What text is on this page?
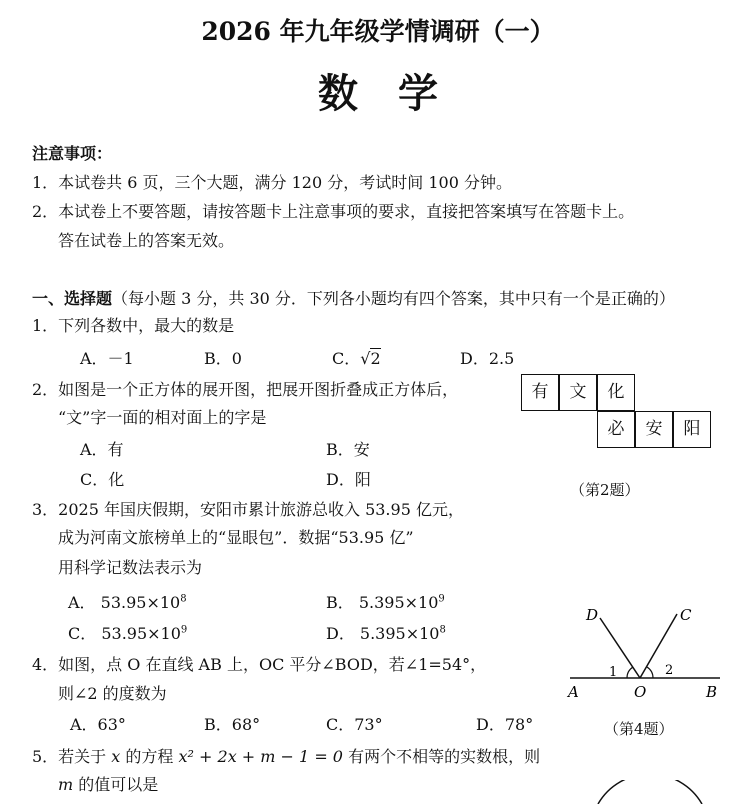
2026 年九年级学情调研（一）
数学
注意事项：
1．本试卷共 6 页，三个大题，满分 120 分，考试时间 100 分钟。
2．本试卷上不要答题，请按答题卡上注意事项的要求，直接把答案填写在答题卡上。
答在试卷上的答案无效。
一、选择题（每小题 3 分，共 30 分．下列各小题均有四个答案，其中只有一个是正确的）
1．下列各数中，最大的数是
A．－1	B．0	C．√2	D．2.5
2．如图是一个正方体的展开图，把展开图折叠成正方体后，
“文”字一面的相对面上的字是
A．有	B．安
C．化	D．阳
有	文	化
必	安	阳
（第2题）
3．2025 年国庆假期，安阳市累计旅游总收入 53.95 亿元，
成为河南文旅榜单上的“显眼包”．数据“53.95 亿”
用科学记数法表示为
A． $53.95\times 10^8$	B． $5.395\times 10^9$
C． $53.95\times 10^9$	D． $5.395\times 10^8$
4．如图，点 O 在直线 AB 上，OC 平分∠BOD，若∠1=54°，
则∠2 的度数为
A．63°	B．68°	C．73°	D．78°
D	C
A	O	B
1	2
（第4题）
5．若关于 x 的方程 x² + 2x + m − 1 = 0 有两个不相等的实数根，则
m 的值可以是
